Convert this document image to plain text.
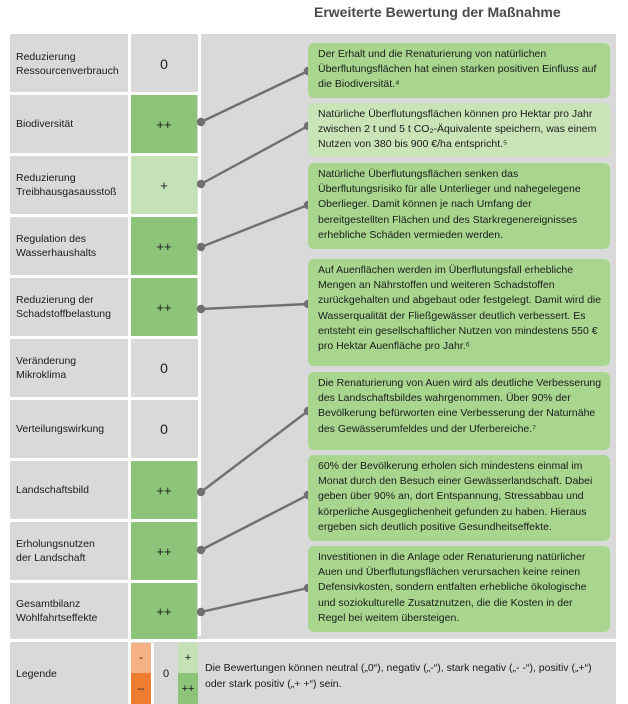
Erweiterte Bewertung der Maßnahme
Reduzierung
Ressourcenverbrauch	0
Biodiversität	++
Reduzierung
Treibhausgasausstoß	+
Regulation des
Wasserhaushalts	++
Reduzierung der
Schadstoffbelastung	++
Veränderung
Mikroklima	0
Verteilungswirkung	0
Landschaftsbild	++
Erholungsnutzen
der Landschaft	++
Gesamtbilanz
Wohlfahrtseffekte	++
Der Erhalt und die Renaturierung von natürlichen Überflutungsflächen hat einen starken positiven Einfluss auf die Biodiversität.⁴
Natürliche Überflutungsflächen können pro Hektar pro Jahr zwischen 2 t und 5 t CO₂-Äquivalente speichern, was einem Nutzen von 380 bis 900 €/ha entspricht.⁵
Natürliche Überflutungsflächen senken das Überflutungsrisiko für alle Unterlieger und nahegelegene Oberlieger. Damit können je nach Umfang der bereitgestellten Flächen und des Starkregenereignisses erhebliche Schäden vermieden werden.
Auf Auenflächen werden im Überflutungsfall erhebliche Mengen an Nährstoffen und weiteren Schadstoffen zurückgehalten und abgebaut oder festgelegt. Damit wird die Wasserqualität der Fließgewässer deutlich verbessert. Es entsteht ein gesellschaftlicher Nutzen von mindestens 550 € pro Hektar Auenfläche pro Jahr.⁶
Die Renaturierung von Auen wird als deutliche Verbesserung des Landschaftsbildes wahrgenommen. Über 90% der Bevölkerung befürworten eine Verbesserung der Naturnähe des Gewässerumfeldes und der Uferbereiche.⁷
60% der Bevölkerung erholen sich mindestens einmal im Monat durch den Besuch einer Gewässerlandschaft. Dabei geben über 90% an, dort Entspannung, Stressabbau und körperliche Ausgeglichenheit gefunden zu haben. Hieraus ergeben sich deutlich positive Gesundheitseffekte.
Investitionen in die Anlage oder Renaturierung natürlicher Auen und Überflutungsflächen verursachen keine reinen Defensivkosten, sondern entfalten erhebliche ökologische und soziokulturelle Zusatznutzen, die die Kosten in der Regel bei weitem übersteigen.
Legende
-
--
0
+
++
Die Bewertungen können neutral („0“), negativ („-“), stark negativ („- -“), positiv („+“) oder stark positiv („+ +“) sein.
